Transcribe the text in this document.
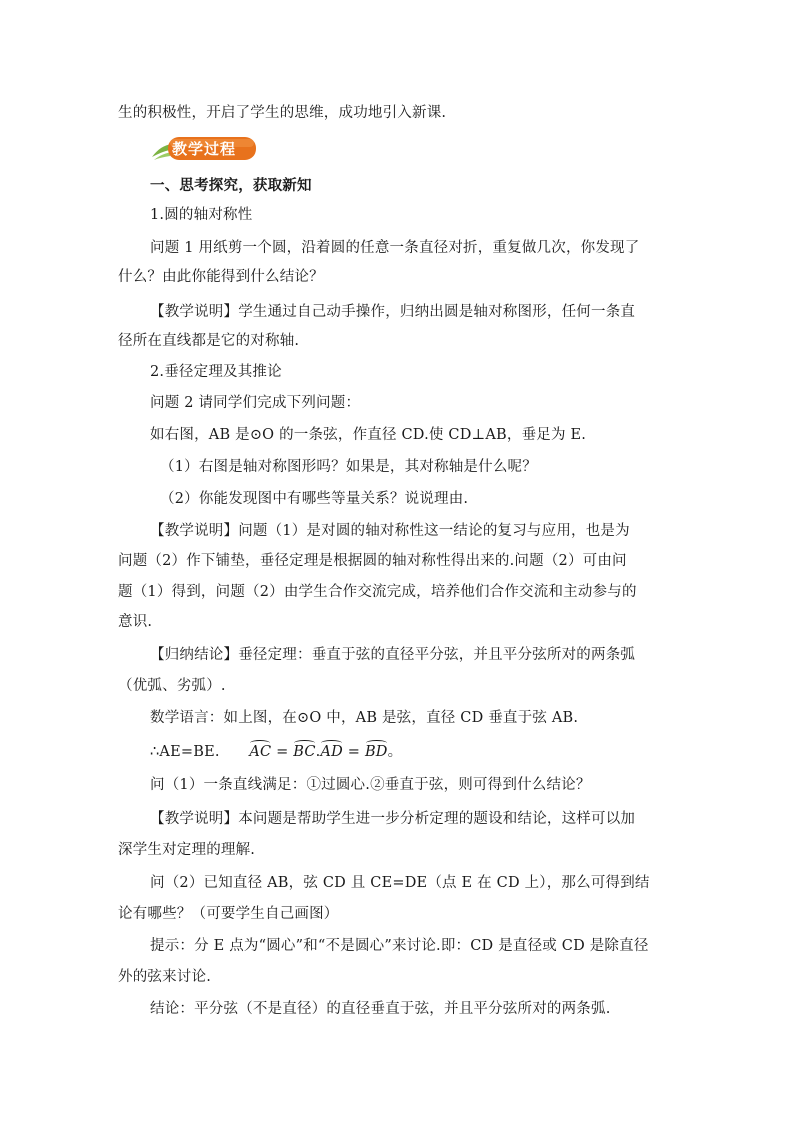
生的积极性，开启了学生的思维，成功地引入新课.
教学过程
一、思考探究，获取新知
1.圆的轴对称性
问题 1 用纸剪一个圆，沿着圆的任意一条直径对折，重复做几次，你发现了
什么？由此你能得到什么结论？
【教学说明】学生通过自己动手操作，归纳出圆是轴对称图形，任何一条直
径所在直线都是它的对称轴.
2.垂径定理及其推论
问题 2 请同学们完成下列问题：
如右图，AB 是⊙O 的一条弦，作直径 CD.使 CD⊥AB，垂足为 E.
（1）右图是轴对称图形吗？如果是，其对称轴是什么呢？
（2）你能发现图中有哪些等量关系？说说理由.
【教学说明】问题（1）是对圆的轴对称性这一结论的复习与应用，也是为
问题（2）作下铺垫，垂径定理是根据圆的轴对称性得出来的.问题（2）可由问
题（1）得到，问题（2）由学生合作交流完成，培养他们合作交流和主动参与的
意识.
【归纳结论】垂径定理：垂直于弦的直径平分弦，并且平分弦所对的两条弧
（优弧、劣弧）.
数学语言：如上图，在⊙O 中，AB 是弦，直径 CD 垂直于弦 AB.
∴AE=BE. AC = BC.AD = BD。
问（1）一条直线满足：①过圆心.②垂直于弦，则可得到什么结论？
【教学说明】本问题是帮助学生进一步分析定理的题设和结论，这样可以加
深学生对定理的理解.
问（2）已知直径 AB，弦 CD 且 CE=DE（点 E 在 CD 上），那么可得到结
论有哪些？（可要学生自己画图）
提示：分 E 点为“圆心”和“不是圆心”来讨论.即：CD 是直径或 CD 是除直径
外的弦来讨论.
结论：平分弦（不是直径）的直径垂直于弦，并且平分弦所对的两条弧.
